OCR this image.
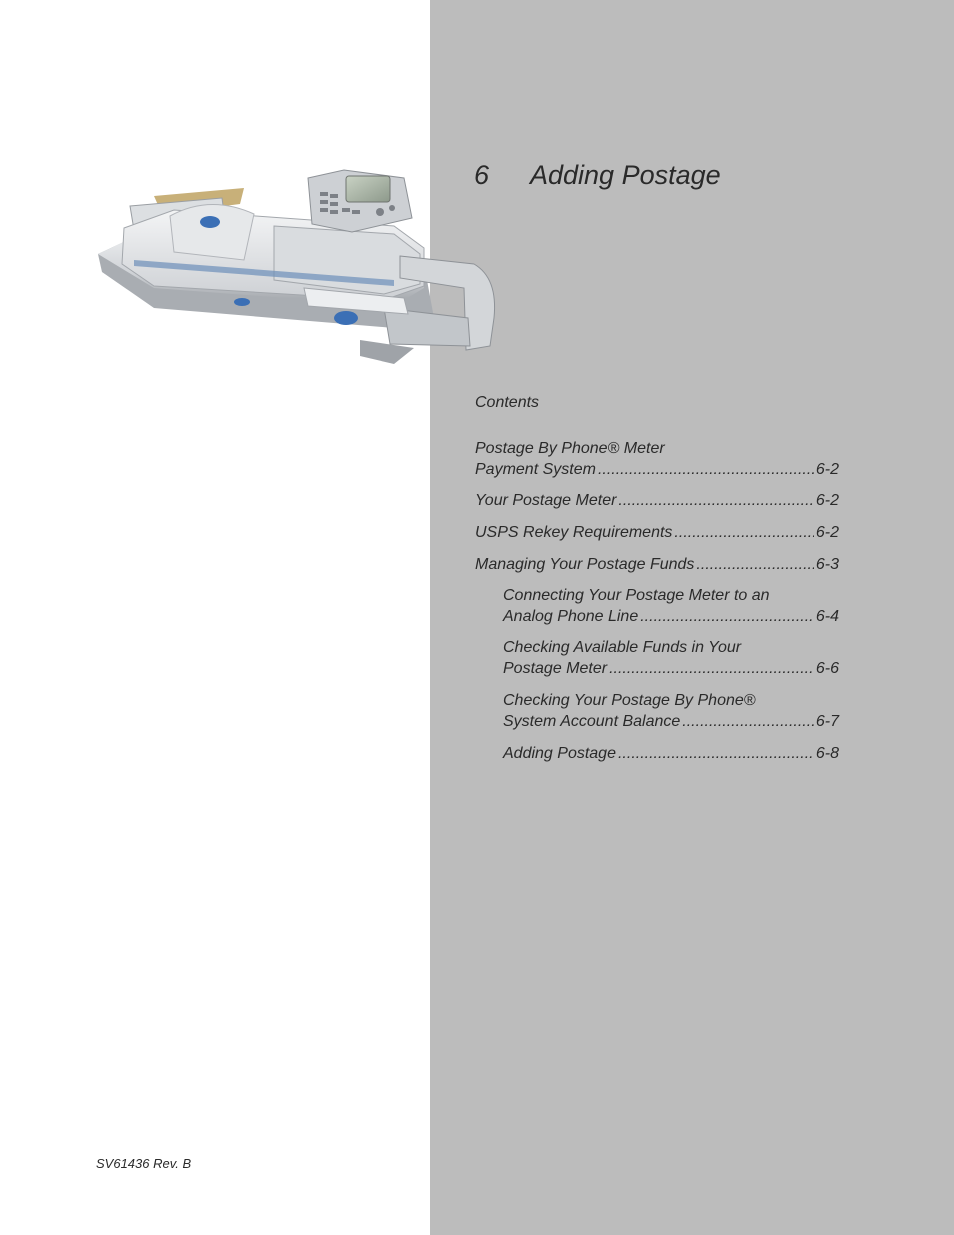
6 Adding Postage
Contents
Postage By Phone® Meter
Payment System .....	6-2
Your Postage Meter .....	6-2
USPS Rekey Requirements .....	6-2
Managing Your Postage Funds .....	6-3
Connecting Your Postage Meter to an
Analog Phone Line .....	6-4
Checking Available Funds in Your
Postage Meter .....	6-6
Checking Your Postage By Phone®
System Account Balance .....	6-7
Adding Postage .....	6-8
SV61436 Rev. B
